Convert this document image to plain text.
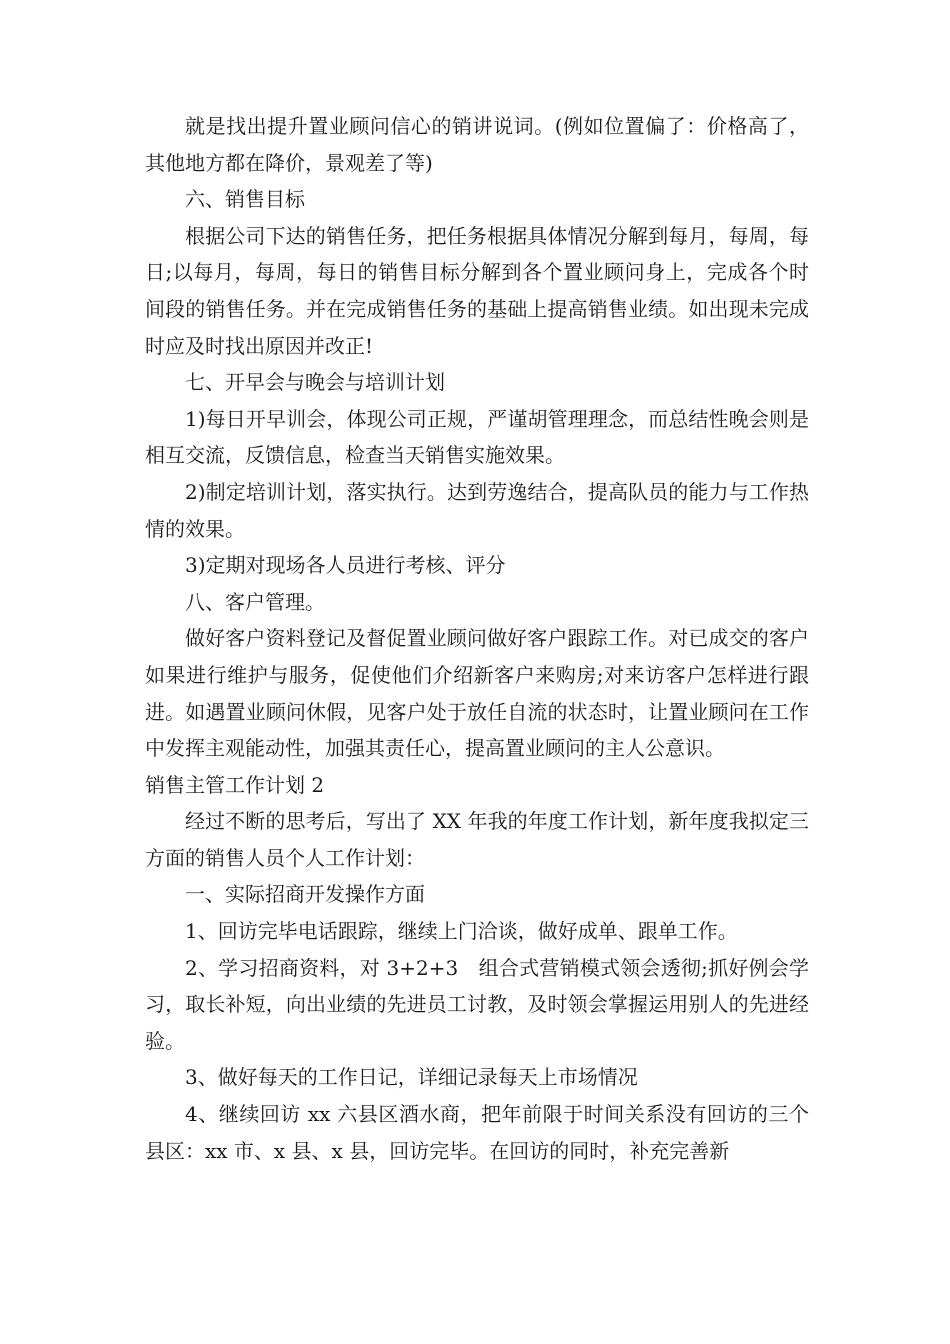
就是找出提升置业顾问信心的销讲说词。(例如位置偏了：价格高了，其他地方都在降价，景观差了等)

六、销售目标

根据公司下达的销售任务，把任务根据具体情况分解到每月，每周，每日;以每月，每周，每日的销售目标分解到各个置业顾问身上，完成各个时间段的销售任务。并在完成销售任务的基础上提高销售业绩。如出现未完成时应及时找出原因并改正!

七、开早会与晚会与培训计划

1)每日开早训会，体现公司正规，严谨胡管理理念，而总结性晚会则是相互交流，反馈信息，检查当天销售实施效果。

2)制定培训计划，落实执行。达到劳逸结合，提高队员的能力与工作热情的效果。

3)定期对现场各人员进行考核、评分

八、客户管理。

做好客户资料登记及督促置业顾问做好客户跟踪工作。对已成交的客户如果进行维护与服务，促使他们介绍新客户来购房;对来访客户怎样进行跟进。如遇置业顾问休假，见客户处于放任自流的状态时，让置业顾问在工作中发挥主观能动性，加强其责任心，提高置业顾问的主人公意识。

销售主管工作计划 2

经过不断的思考后，写出了 XX 年我的年度工作计划，新年度我拟定三方面的销售人员个人工作计划：

一、实际招商开发操作方面

1、回访完毕电话跟踪，继续上门洽谈，做好成单、跟单工作。

2、学习招商资料，对 3+2+3　组合式营销模式领会透彻;抓好例会学习，取长补短，向出业绩的先进员工讨教，及时领会掌握运用别人的先进经验。

3、做好每天的工作日记，详细记录每天上市场情况

4、继续回访 xx 六县区酒水商，把年前限于时间关系没有回访的三个县区：xx 市、x 县、x 县，回访完毕。在回访的同时，补充完善新
